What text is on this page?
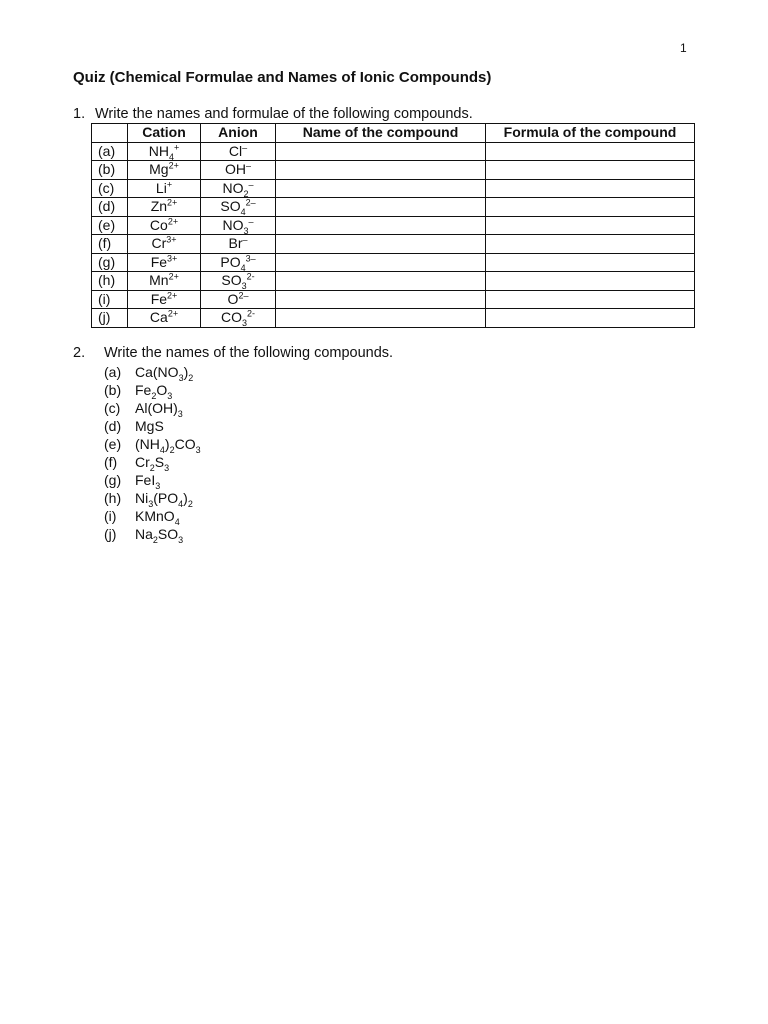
1
Quiz (Chemical Formulae and Names of Ionic Compounds)
1. Write the names and formulae of the following compounds.
	Cation	Anion	Name of the compound	Formula of the compound
(a)	$NH_4^+$	Cl–		
(b)	$Mg^{2+}$	OH–		
(c)	Li+	$NO_2^-$		
(d)	$Zn^{2+}$	$SO_4^{2-}$		
(e)	$Co^{2+}$	$NO_3^-$		
(f)	$Cr^{3+}$	Br–		
(g)	$Fe^{3+}$	$PO_4^{3-}$		
(h)	$Mn^{2+}$	$SO_3^{2-}$		
(i)	$Fe^{2+}$	$O^{2-}$		
(j)	$Ca^{2+}$	$CO_3^{2-}$		
2. Write the names of the following compounds.
(a) $Ca(NO_3)_2$
(b) $Fe_2O_3$
(c) $Al(OH)_3$
(d) MgS
(e) $(NH_4)_2CO_3$
(f) $Cr_2S_3$
(g) FeI$_3$
(h) $Ni_3(PO_4)_2$
(i) KMnO$_4$
(j) $Na_2SO_3$
